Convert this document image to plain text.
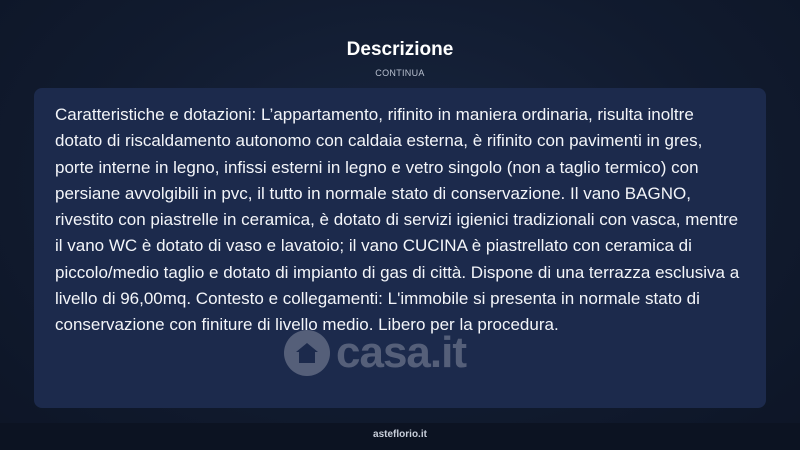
Descrizione
CONTINUA

Caratteristiche e dotazioni: L’appartamento, rifinito in maniera ordinaria, risulta inoltre dotato di riscaldamento autonomo con caldaia esterna, è rifinito con pavimenti in gres, porte interne in legno, infissi esterni in legno e vetro singolo (non a taglio termico) con persiane avvolgibili in pvc, il tutto in normale stato di conservazione. Il vano BAGNO, rivestito con piastrelle in ceramica, è dotato di servizi igienici tradizionali con vasca, mentre il vano WC è dotato di vaso e lavatoio; il vano CUCINA è piastrellato con ceramica di piccolo/medio taglio e dotato di impianto di gas di città. Dispone di una terrazza esclusiva a livello di 96,00mq. Contesto e collegamenti: L'immobile si presenta in normale stato di conservazione con finiture di livello medio. Libero per la procedura.

casa.it
asteflorio.it
